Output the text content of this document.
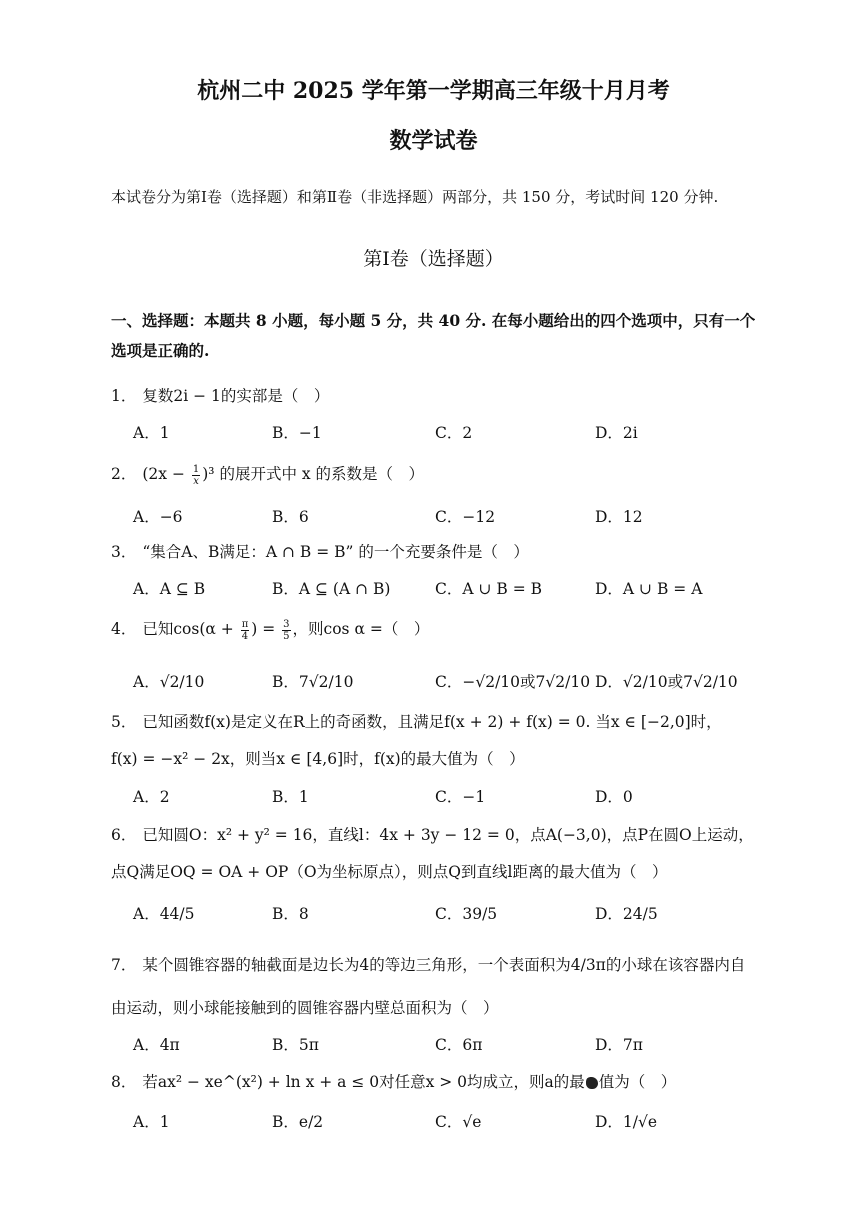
杭州二中 2025 学年第一学期高三年级十月月考
数学试卷
本试卷分为第Ⅰ卷（选择题）和第Ⅱ卷（非选择题）两部分，共 150 分，考试时间 120 分钟.
第Ⅰ卷（选择题）
一、选择题：本题共 8 小题，每小题 5 分，共 40 分. 在每小题给出的四个选项中，只有一个选项是正确的.
1． 复数2i − 1的实部是（　）
A．1	B．−1	C．2	D．2i
2． $(2x - \frac{1}{x} )^3$ 的展开式中 x 的系数是（　）
A．−6	B．6	C．−12	D．12
3． “集合A、B满足：A ∩ B = B” 的一个充要条件是（　）
A．A ⊆ B	B．A ⊆ (A ∩ B)	C．A ∪ B = B	D．A ∪ B = A
4． 已知$\cos(\alpha + \frac{\pi}{4}$ ) = $\frac{3}{5}$ ，则cos α =（　）
A．√2/10	B．7√2/10	C．−√2/10或7√2/10 D．√2/10或7√2/10
5． 已知函数f(x)是定义在R上的奇函数，且满足f(x + 2) + f(x) = 0. 当x ∈ [−2,0]时，
f(x) = −x² − 2x，则当x ∈ [4,6]时，f(x)的最大值为（　）
A．2	B．1	C．−1	D．0
6． 已知圆O：x² + y² = 16，直线l：4x + 3y − 12 = 0，点A(−3,0)，点P在圆O上运动，
点Q满足OQ = OA + OP（O为坐标原点），则点Q到直线l距离的最大值为（　）
A．44/5	B．8	C．39/5	D．24/5
7． 某个圆锥容器的轴截面是边长为4的等边三角形，一个表面积为4/3π的小球在该容器内自
由运动，则小球能接触到的圆锥容器内壁总面积为（　）
A．4π	B．5π	C．6π	D．7π
8． 若ax² − xe^(x²) + ln x + a ≤ 0对任意x > 0均成立，则a的最 值为（　）
A．1	B．e/2	C．√e	D．1/√e
